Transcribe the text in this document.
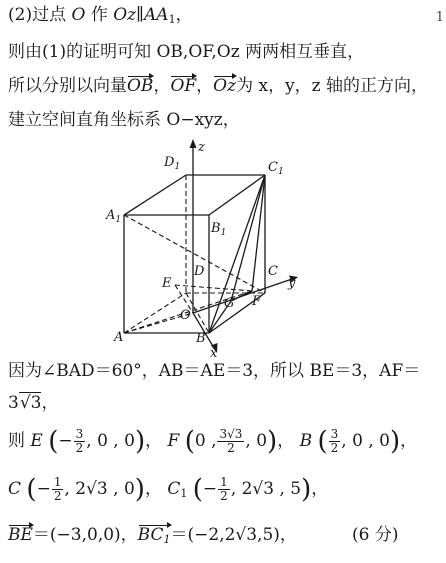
1
(2)过点 O 作 $Oz\parallel AA_1$，
则由(1)的证明可知 OB,OF,Oz 两两相互垂直，
所以分别以向量OB，OF，Oz为 x，y，z 轴的正方向，
建立空间直角坐标系 O−xyz，
$D_1$
z
$C_1$
$A_1$
$B_1$
D	C
E	y
G F
O
A	B
x
因为∠BAD＝60°，AB＝AE＝3，所以 BE＝3，AF＝
3√3，
则 E (− $\frac{3}{2}$ , 0 , 0)， F (0 , $\frac{3√3}{2}$ , 0)， B ( $\frac{3}{2}$ , 0 , 0)，
C (− $\frac{1}{2}$ , 2√3 , 0)， $C_1$ (− $\frac{1}{2}$ , 2√3 , 5)，
BE＝(−3,0,0)，$BC_1=(-2,2√3,5)$，	(6 分)
